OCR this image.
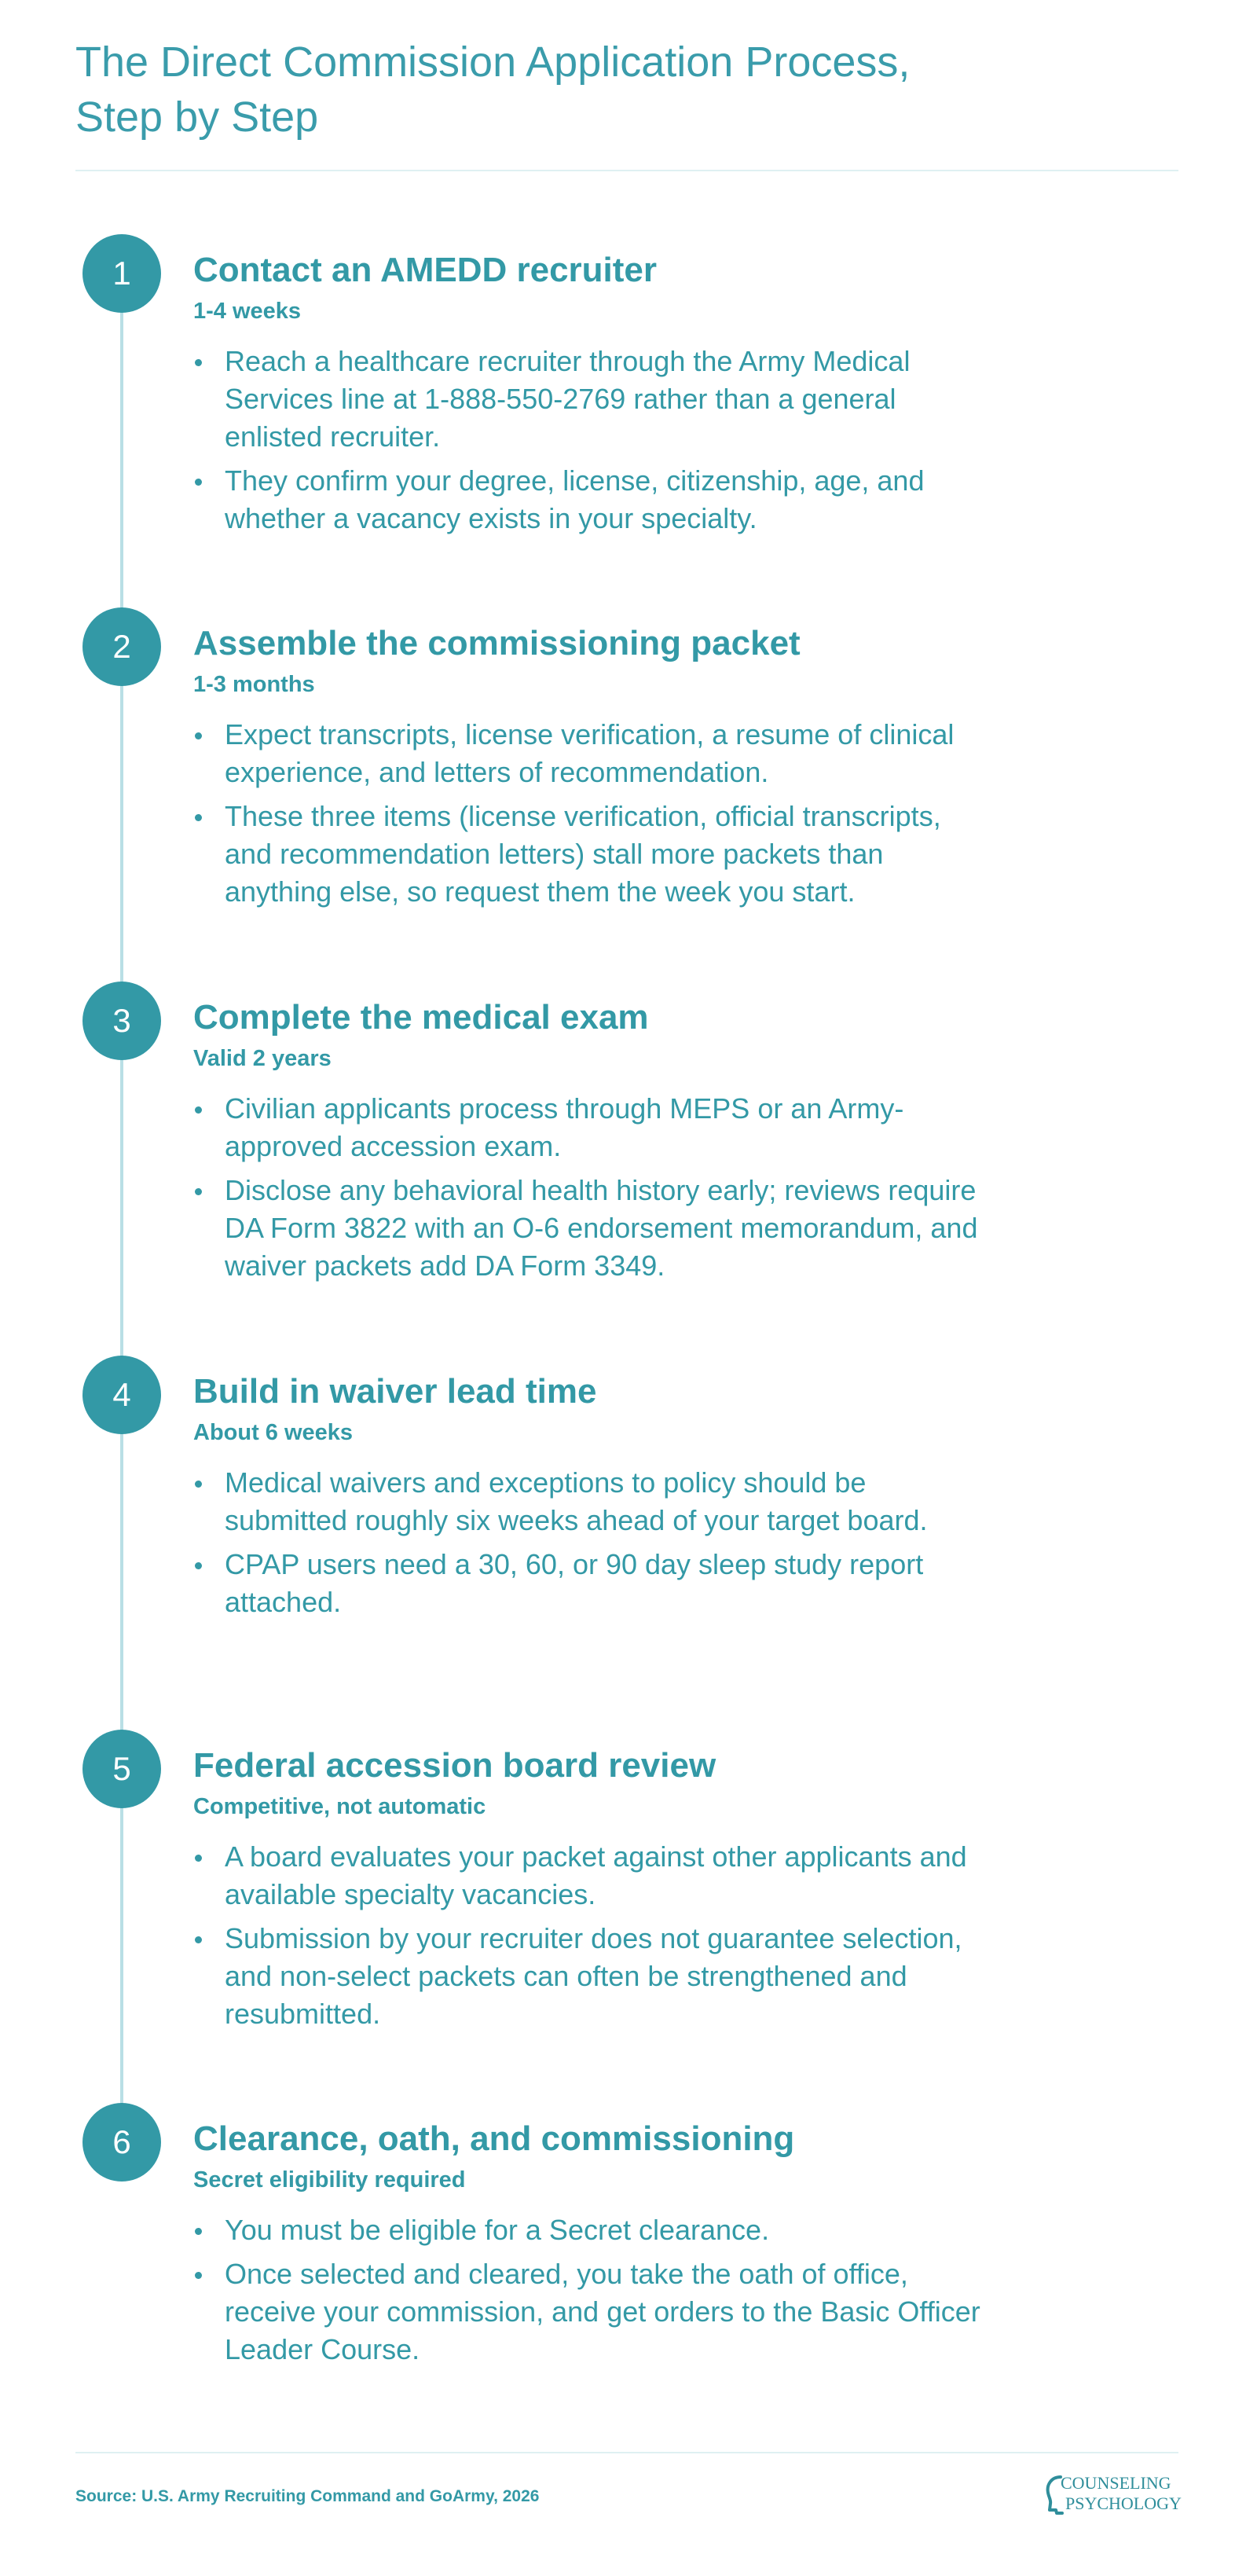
The Direct Commission Application Process,
Step by Step
1	Contact an AMEDD recruiter
1-4 weeks
Reach a healthcare recruiter through the Army Medical Services line at 1-888-550-2769 rather than a general enlisted recruiter.
They confirm your degree, license, citizenship, age, and whether a vacancy exists in your specialty.
2	Assemble the commissioning packet
1-3 months
Expect transcripts, license verification, a resume of clinical experience, and letters of recommendation.
These three items (license verification, official transcripts, and recommendation letters) stall more packets than anything else, so request them the week you start.
3	Complete the medical exam
Valid 2 years
Civilian applicants process through MEPS or an Army-approved accession exam.
Disclose any behavioral health history early; reviews require DA Form 3822 with an O-6 endorsement memorandum, and waiver packets add DA Form 3349.
4	Build in waiver lead time
About 6 weeks
Medical waivers and exceptions to policy should be submitted roughly six weeks ahead of your target board.
CPAP users need a 30, 60, or 90 day sleep study report attached.
5	Federal accession board review
Competitive, not automatic
A board evaluates your packet against other applicants and available specialty vacancies.
Submission by your recruiter does not guarantee selection, and non-select packets can often be strengthened and resubmitted.
6	Clearance, oath, and commissioning
Secret eligibility required
You must be eligible for a Secret clearance.
Once selected and cleared, you take the oath of office, receive your commission, and get orders to the Basic Officer Leader Course.
Source: U.S. Army Recruiting Command and GoArmy, 2026
COUNSELING
PSYCHOLOGY
